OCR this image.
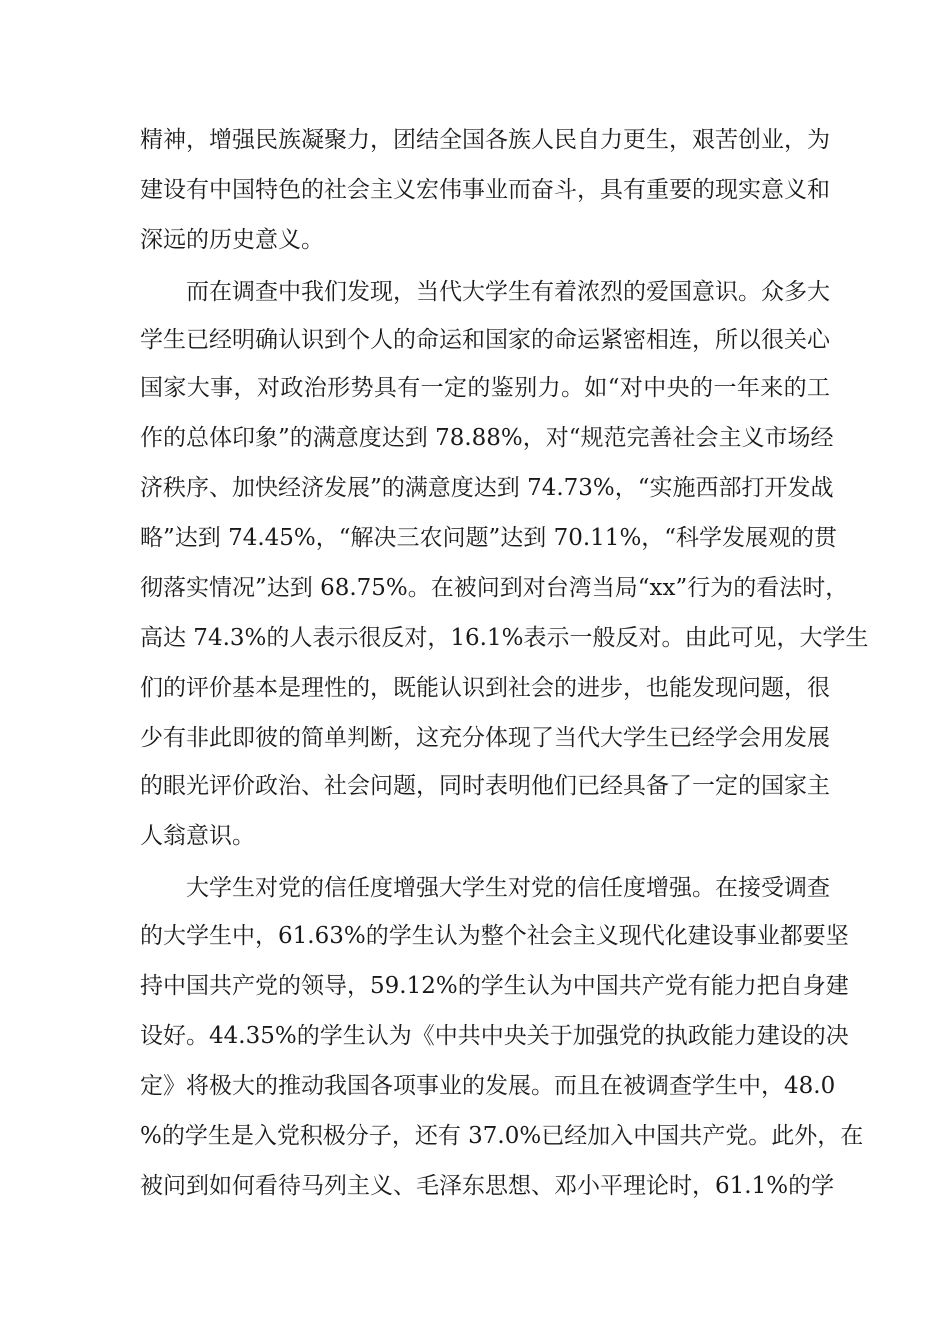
精神，增强民族凝聚力，团结全国各族人民自力更生，艰苦创业，为
建设有中国特色的社会主义宏伟事业而奋斗，具有重要的现实意义和
深远的历史意义。
而在调查中我们发现，当代大学生有着浓烈的爱国意识。众多大
学生已经明确认识到个人的命运和国家的命运紧密相连，所以很关心
国家大事，对政治形势具有一定的鉴别力。如“对中央的一年来的工
作的总体印象”的满意度达到 78.88%，对“规范完善社会主义市场经
济秩序、加快经济发展”的满意度达到 74.73%，“实施西部打开发战
略”达到 74.45%，“解决三农问题”达到 70.11%，“科学发展观的贯
彻落实情况”达到 68.75%。在被问到对台湾当局“xx”行为的看法时，
高达 74.3%的人表示很反对，16.1%表示一般反对。由此可见，大学生
们的评价基本是理性的，既能认识到社会的进步，也能发现问题，很
少有非此即彼的简单判断，这充分体现了当代大学生已经学会用发展
的眼光评价政治、社会问题，同时表明他们已经具备了一定的国家主
人翁意识。
大学生对党的信任度增强大学生对党的信任度增强。在接受调查
的大学生中，61.63%的学生认为整个社会主义现代化建设事业都要坚
持中国共产党的领导，59.12%的学生认为中国共产党有能力把自身建
设好。44.35%的学生认为《中共中央关于加强党的执政能力建设的决
定》将极大的推动我国各项事业的发展。而且在被调查学生中，48.0
%的学生是入党积极分子，还有 37.0%已经加入中国共产党。此外，在
被问到如何看待马列主义、毛泽东思想、邓小平理论时，61.1%的学
